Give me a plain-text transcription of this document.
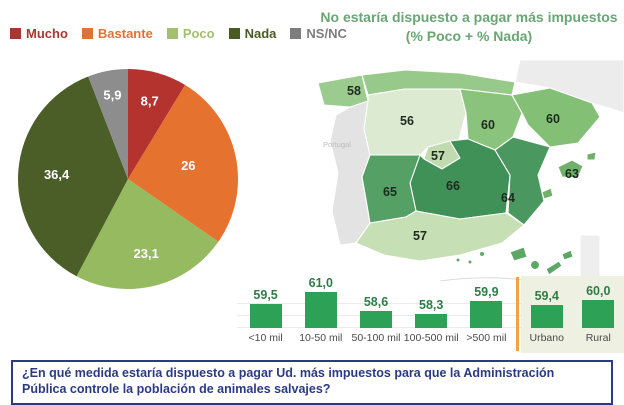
Mucho Bastante Poco Nada NS/NC
8,7
26
23,1
36,4
5,9
No estaría dispuesto a pagar más impuestos (% Poco + % Nada)
Portugal
58
56	60	60
57
66
65	64
57
63
59,5
<10 mil
61,0
10-50 mil
58,6
50-100 mil
58,3
100-500 mil
59,9
>500 mil
59,4
Urbano
60,0
Rural
¿En qué medida estaría dispuesto a pagar Ud. más impuestos para que la Administración Pública controle la población de animales salvajes?
